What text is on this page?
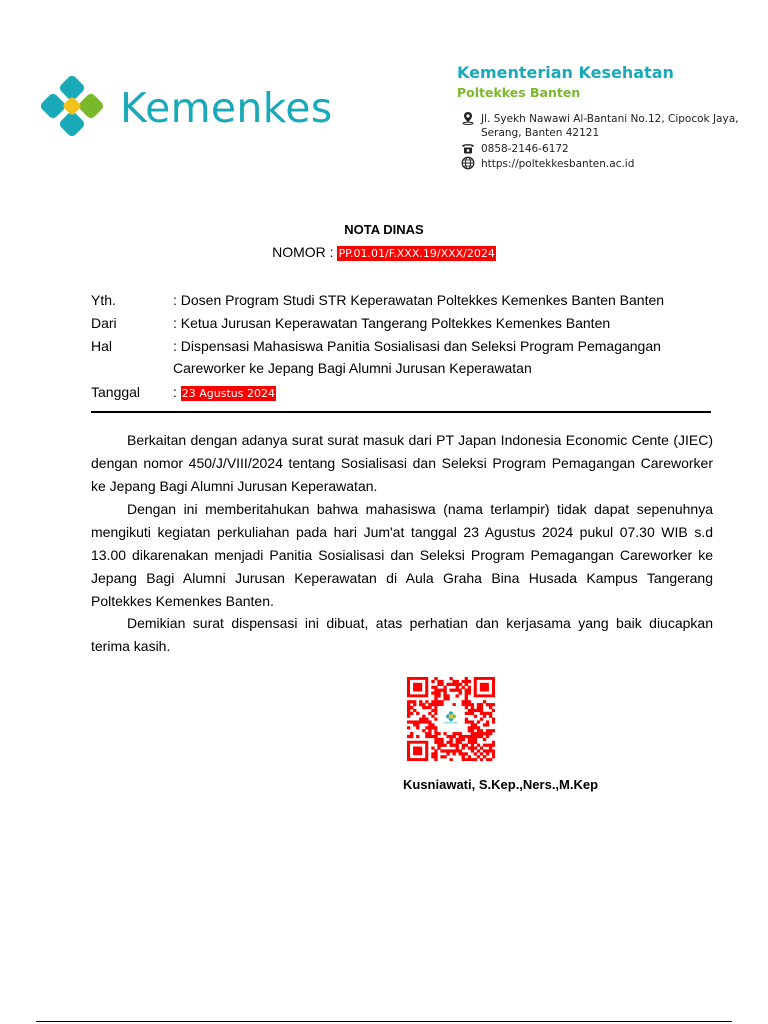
Kemenkes
Kementerian Kesehatan
Poltekkes Banten
Jl. Syekh Nawawi Al-Bantani No.12, Cipocok Jaya,
Serang, Banten 42121
0858-2146-6172
https://poltekkesbanten.ac.id
NOTA DINAS
NOMOR : PP.01.01/F.XXX.19/XXX/2024
Yth.	: Dosen Program Studi STR Keperawatan Poltekkes Kemenkes Banten Banten
Dari	: Ketua Jurusan Keperawatan Tangerang Poltekkes Kemenkes Banten
Hal	: Dispensasi Mahasiswa Panitia Sosialisasi dan Seleksi Program Pemagangan
Careworker ke Jepang Bagi Alumni Jurusan Keperawatan
Tanggal : 23 Agustus 2024
Berkaitan dengan adanya surat surat masuk dari PT Japan Indonesia Economic Cente (JIEC) dengan nomor 450/J/VIII/2024 tentang Sosialisasi dan Seleksi Program Pemagangan Careworker ke Jepang Bagi Alumni Jurusan Keperawatan.
Dengan ini memberitahukan bahwa mahasiswa (nama terlampir) tidak dapat sepenuhnya mengikuti kegiatan perkuliahan pada hari Jum'at tanggal 23 Agustus 2024 pukul 07.30 WIB s.d 13.00 dikarenakan menjadi Panitia Sosialisasi dan Seleksi Program Pemagangan Careworker ke Jepang Bagi Alumni Jurusan Keperawatan di Aula Graha Bina Husada Kampus Tangerang Poltekkes Kemenkes Banten.
Demikian surat dispensasi ini dibuat, atas perhatian dan kerjasama yang baik diucapkan terima kasih.
Kemenkes
Kusniawati, S.Kep.,Ners.,M.Kep
